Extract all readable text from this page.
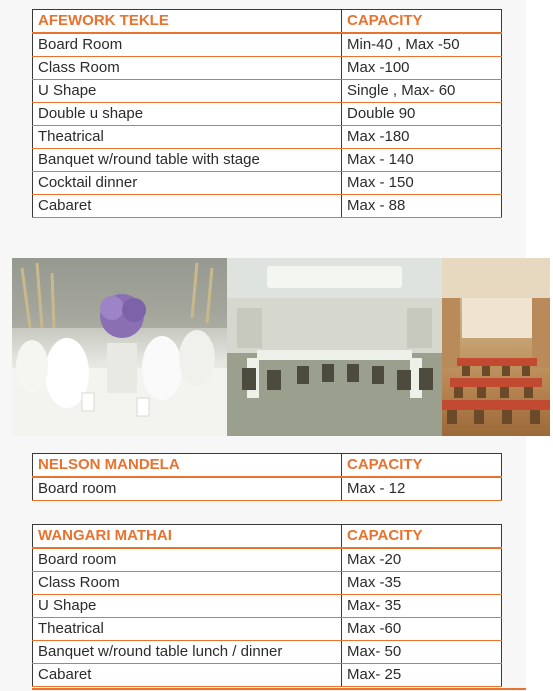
AFEWORK TEKLE	CAPACITY
Board Room	Min-40 , Max -50
Class Room	Max -100
U Shape	Single , Max- 60
Double u shape	Double 90
Theatrical	Max -180
Banquet w/round table with stage	Max - 140
Cocktail dinner	Max - 150
Cabaret	Max - 88
NELSON MANDELA	CAPACITY
Board room	Max - 12
WANGARI MATHAI	CAPACITY
Board room	Max -20
Class Room	Max -35
U Shape	Max- 35
Theatrical	Max -60
Banquet w/round table lunch / dinner	Max- 50
Cabaret	Max- 25
